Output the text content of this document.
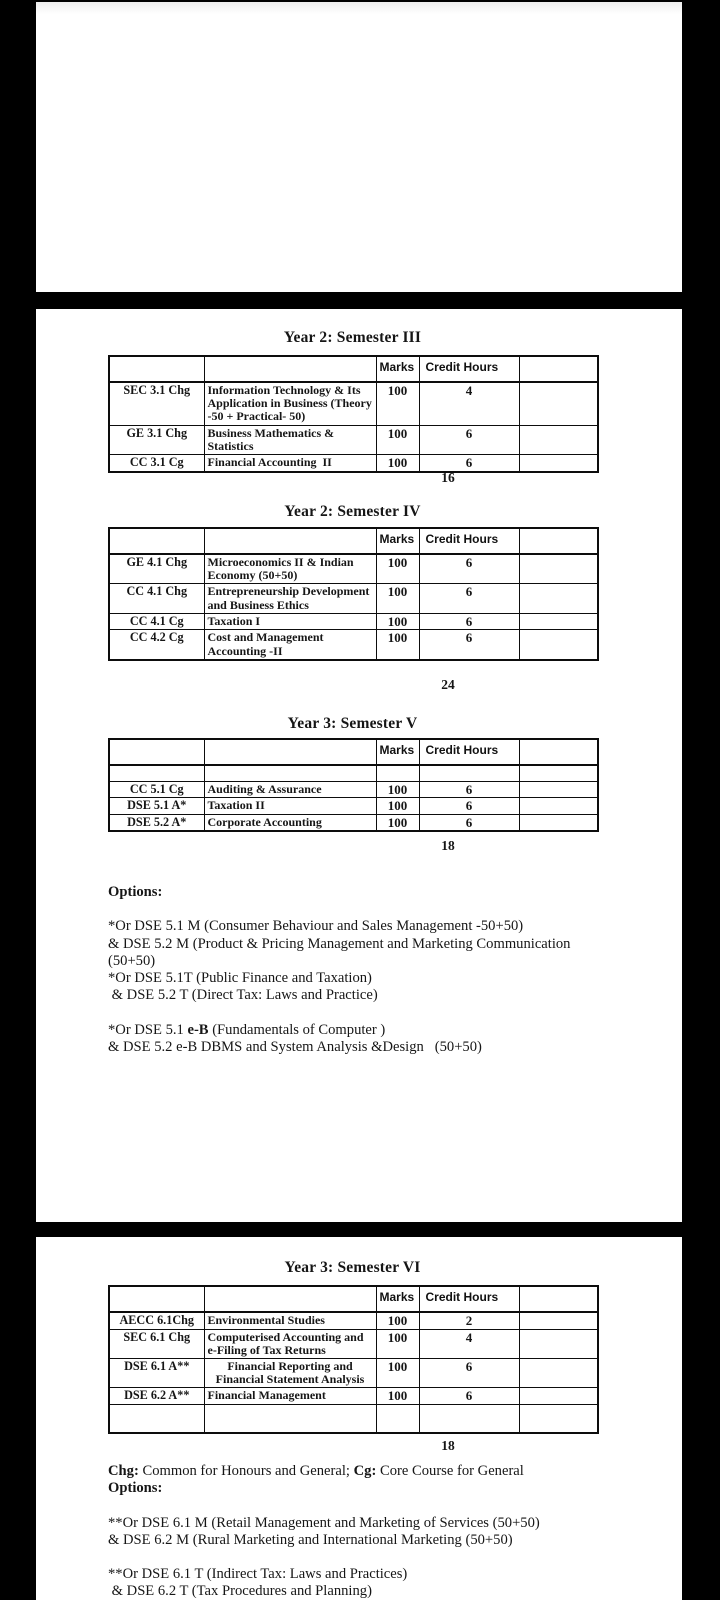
Year 2: Semester III
		Marks	Credit Hours	
SEC 3.1 Chg	Information Technology & Its Application in Business (Theory -50 + Practical- 50)	100	4	
GE 3.1 Chg	Business Mathematics & Statistics	100	6	
CC 3.1 Cg	Financial Accounting  II	100	6	
16
Year 2: Semester IV
		Marks	Credit Hours	
GE 4.1 Chg	Microeconomics II & Indian Economy (50+50)	100	6	
CC 4.1 Chg	Entrepreneurship Development and Business Ethics	100	6	
CC 4.1 Cg	Taxation I	100	6	
CC 4.2 Cg	Cost and Management Accounting -II	100	6	
24
Year 3: Semester V
		Marks	Credit Hours	

CC 5.1 Cg	Auditing & Assurance	100	6	
DSE 5.1 A*	Taxation II	100	6	
DSE 5.2 A*	Corporate Accounting	100	6	
18
Options:
*Or DSE 5.1 M (Consumer Behaviour and Sales Management -50+50)
& DSE 5.2 M (Product & Pricing Management and Marketing Communication
(50+50)
*Or DSE 5.1T (Public Finance and Taxation)
& DSE 5.2 T (Direct Tax: Laws and Practice)
*Or DSE 5.1 e-B (Fundamentals of Computer )
& DSE 5.2 e-B DBMS and System Analysis &Design   (50+50)
Year 3: Semester VI
		Marks	Credit Hours	
AECC 6.1Chg	Environmental Studies	100	2	
SEC 6.1 Chg	Computerised Accounting and e-Filing of Tax Returns	100	4	
DSE 6.1 A**	Financial Reporting and Financial Statement Analysis	100	6	
DSE 6.2 A**	Financial Management	100	6	

18
Chg: Common for Honours and General; Cg: Core Course for General
Options:
**Or DSE 6.1 M (Retail Management and Marketing of Services (50+50)
& DSE 6.2 M (Rural Marketing and International Marketing (50+50)
**Or DSE 6.1 T (Indirect Tax: Laws and Practices)
& DSE 6.2 T (Tax Procedures and Planning)
